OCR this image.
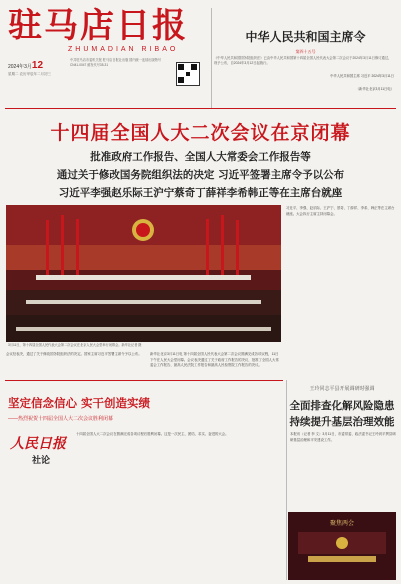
驻马店日报
ZHUMADIAN RIBAO
中共驻马店市委机关报 驻马店日报社出版 国内统一连续出版物号CN41-0047 邮发代号35-31
2024年3月12
星期二 农历甲辰年二月初三
中华人民共和国主席令
第四十五号
《中华人民共和国国务院组织法》已由中华人民共和国第十四届全国人民代表大会第二次会议于2024年3月11日修订通过，现予公布，自2024年3月12日起施行。
中华人民共和国主席 习近平 2024年3月11日
（新华社北京3月11日电）
十四届全国人大二次会议在京闭幕
批准政府工作报告、全国人大常委会工作报告等
通过关于修改国务院组织法的决定 习近平签署主席令予以公布
习近平李强赵乐际王沪宁蔡奇丁薛祥李希韩正等在主席台就座
3月11日，第十四届全国人民代表大会第二次会议在北京人民大会堂举行闭幕会。新华社记者 摄
习近平、李强、赵乐际、王沪宁、蔡奇、丁薛祥、李希、韩正等在主席台就座。大会执行主席主持闭幕会。
会议经表决，通过了关于修改国务院组织法的决定。国家主席习近平签署主席令予以公布。	新华社北京3月11日电 第十四届全国人民代表大会第二次会议圆满完成各项议程，11日下午在人民大会堂闭幕。会议表决通过了关于政府工作报告的决议，批准了全国人大常委会工作报告、最高人民法院工作报告和最高人民检察院工作报告的决议。
坚定信念信心 实干创造实绩
——热烈祝贺十四届全国人大二次会议胜利闭幕
人民日报
社论
十四届全国人大二次会议在圆满完成各项议程后胜利闭幕。这是一次民主、团结、求实、奋进的大会。
王玲同志平县开展调研时强调
全面排查化解风险隐患
持续提升基层治理效能
本报讯（记者 李 文）3月11日，市委常委、政法委书记王玲到平舆县调研基层治理和平安建设工作。
聚焦两会
